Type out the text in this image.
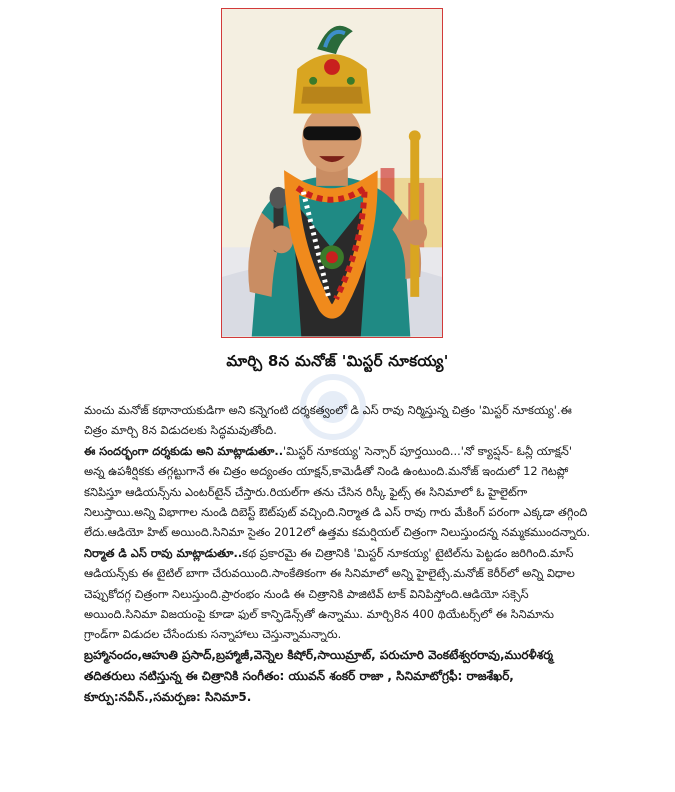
మార్చి 8న మనోజ్ 'మిస్టర్ నూకయ్య'

మంచు మనోజ్ కథానాయకుడిగా అని కన్నెగంటి దర్శకత్వంలో డి ఎస్ రావు నిర్మిస్తున్న చిత్రం 'మిస్టర్ నూకయ్య'.ఈ చిత్రం మార్చి 8న విడుదలకు సిద్ధమవుతోంది.

ఈ సందర్భంగా దర్శకుడు అని మాట్లాడుతూ..'మిస్టర్ నూకయ్య' సెన్సార్ పూర్తయింది...'నో క్యాప్షన్- ఓన్లీ యాక్షన్' అన్న ఉపశీర్షికకు తగ్గట్టుగానే ఈ చిత్రం అద్యంతం యాక్షన్,కామెడీతో నిండి ఉంటుంది.మనోజ్ ఇందులో 12 గెటప్లో కనిపిస్తూ ఆడియన్స్‌ను ఎంటర్‌టైన్ చేస్తారు.రియల్‌గా తను చేసిన రిస్కీ ఫైట్స్ ఈ సినిమాలో ఓ హైలైట్‌గా నిలుస్తాయి.అన్ని విభాగాల నుండి దిబెస్ట్ ఔట్‌పుట్ వచ్చింది.నిర్మాత డి ఎస్ రావు గారు మేకింగ్ పరంగా ఎక్కడా తగ్గింది లేదు.ఆడియో హిట్ అయింది.సినిమా సైతం 2012లో ఉత్తమ కమర్షియల్ చిత్రంగా నిలుస్తుందన్న నమ్మకముందన్నారు.

నిర్మాత డి ఎస్ రావు మాట్లాడుతూ..కథ ప్రకారమై ఈ చిత్రానికి 'మిస్టర్ నూకయ్య' టైటిల్‌ను పెట్టడం జరిగింది.మాస్ ఆడియన్స్‌కు ఈ టైటిల్ బాగా చేరువయింది.సాంకేతికంగా ఈ సినిమాలో అన్ని హైలైట్సే.మనోజ్ కెరీర్‌లో అన్ని విధాల చెప్పుకోదగ్గ చిత్రంగా నిలుస్తుంది.ప్రారంభం నుండి ఈ చిత్రానికి పాజిటివ్ టాక్ వినిపిస్తోంది.ఆడియో సక్సెస్ అయింది.సినిమా విజయంపై కూడా ఫుల్ కాన్ఫిడెన్స్‌తో ఉన్నాము. మార్చి8న 400 థియేటర్స్‌లో ఈ సినిమాను గ్రాండ్‌గా విడుదల చేసేందుకు సన్నాహాలు చెస్తున్నామన్నారు.

బ్రహ్మానందం,ఆహుతి ప్రసాద్,బ్రహ్మాజీ,వెన్నెల కిషోర్,సాయిమ్రాట్, పరుచూరి వెంకటేశ్వరరావు,మురళీశర్మ తదితరులు నటిస్తున్న ఈ చిత్రానికి సంగీతం: యువన్ శంకర్ రాజా , సినిమాటోగ్రఫీ: రాజశేఖర్, కూర్పు:నవీన్.,సమర్పణ: సినిమా5.
